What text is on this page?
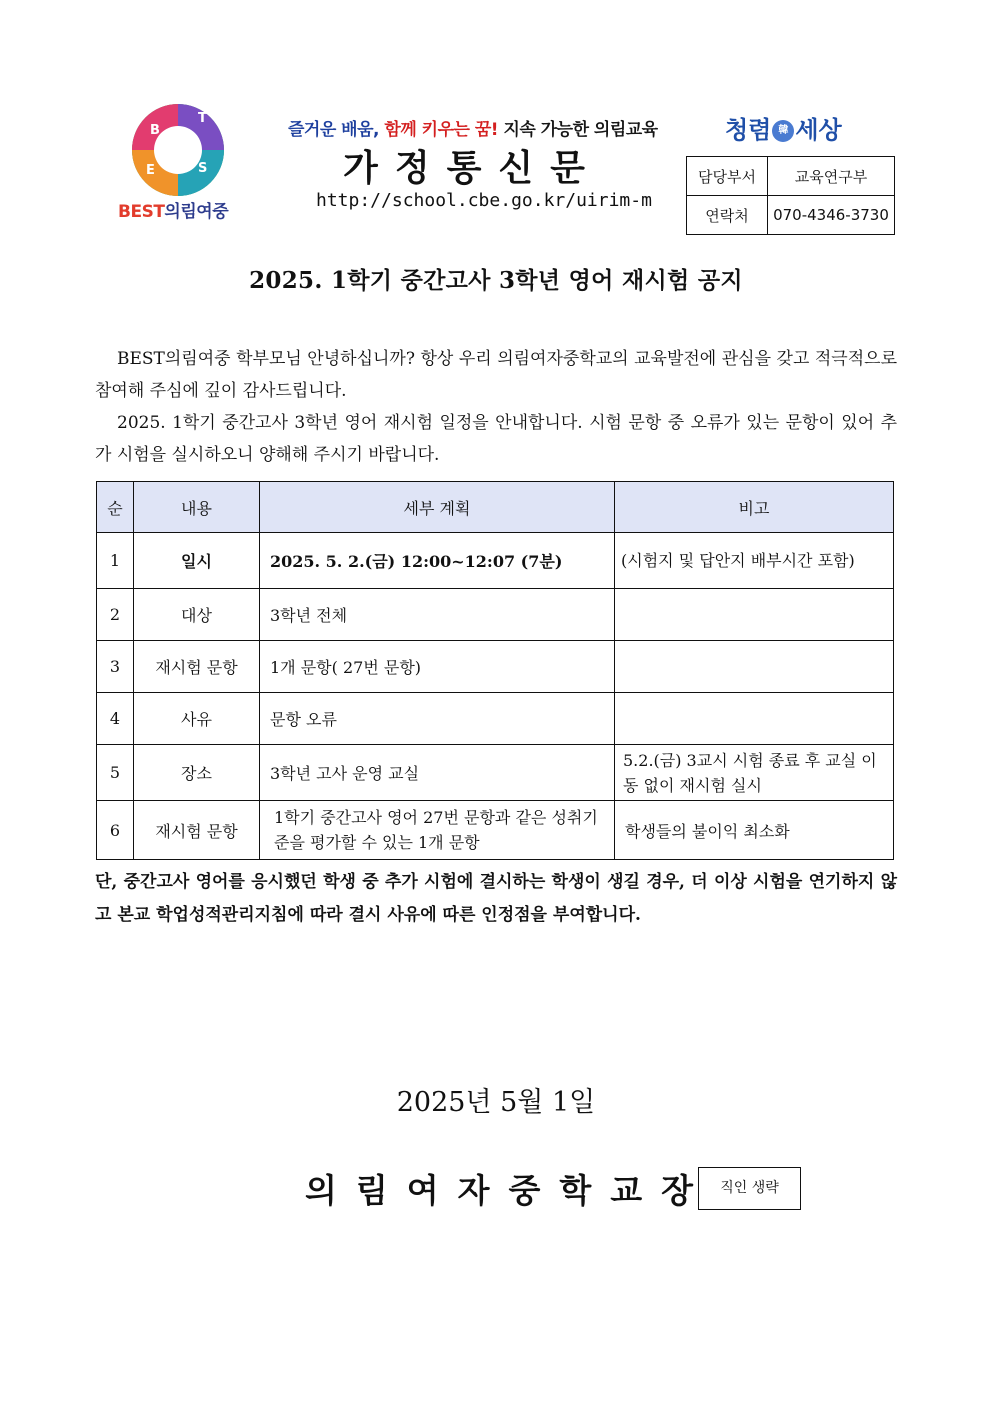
B
T
E	S
BEST의림여중
즐거운 배움, 함께 키우는 꿈! 지속 가능한 의림교육
가정통신문
http://school.cbe.go.kr/uirim-m
청렴 韓 세상
담당부서	교육연구부
연락처	070-4346-3730
2025. 1학기 중간고사 3학년 영어 재시험 공지

BEST의림여중 학부모님 안녕하십니까? 항상 우리 의림여자중학교의 교육발전에 관심을 갖고 적극적으로 참여해 주심에 깊이 감사드립니다.

2025. 1학기 중간고사 3학년 영어 재시험 일정을 안내합니다. 시험 문항 중 오류가 있는 문항이 있어 추가 시험을 실시하오니 양해해 주시기 바랍니다.

순	내용	세부 계획	비고
1	일시	2025. 5. 2.(금) 12:00~12:07 (7분)	(시험지 및 답안지 배부시간 포함)
2	대상	3학년 전체	
3	재시험 문항	1개 문항( 27번 문항)	
4	사유	문항 오류	
5	장소	3학년 고사 운영 교실	5.2.(금) 3교시 시험 종료 후 교실 이동 없이 재시험 실시
6	재시험 문항	1학기 중간고사 영어 27번 문항과 같은 성취기준을 평가할 수 있는 1개 문항	학생들의 불이익 최소화
단, 중간고사 영어를 응시했던 학생 중 추가 시험에 결시하는 학생이 생길 경우, 더 이상 시험을 연기하지 않고 본교 학업성적관리지침에 따라 결시 사유에 따른 인정점을 부여합니다.
2025년 5월 1일
의림여자중학교장 직인 생략
